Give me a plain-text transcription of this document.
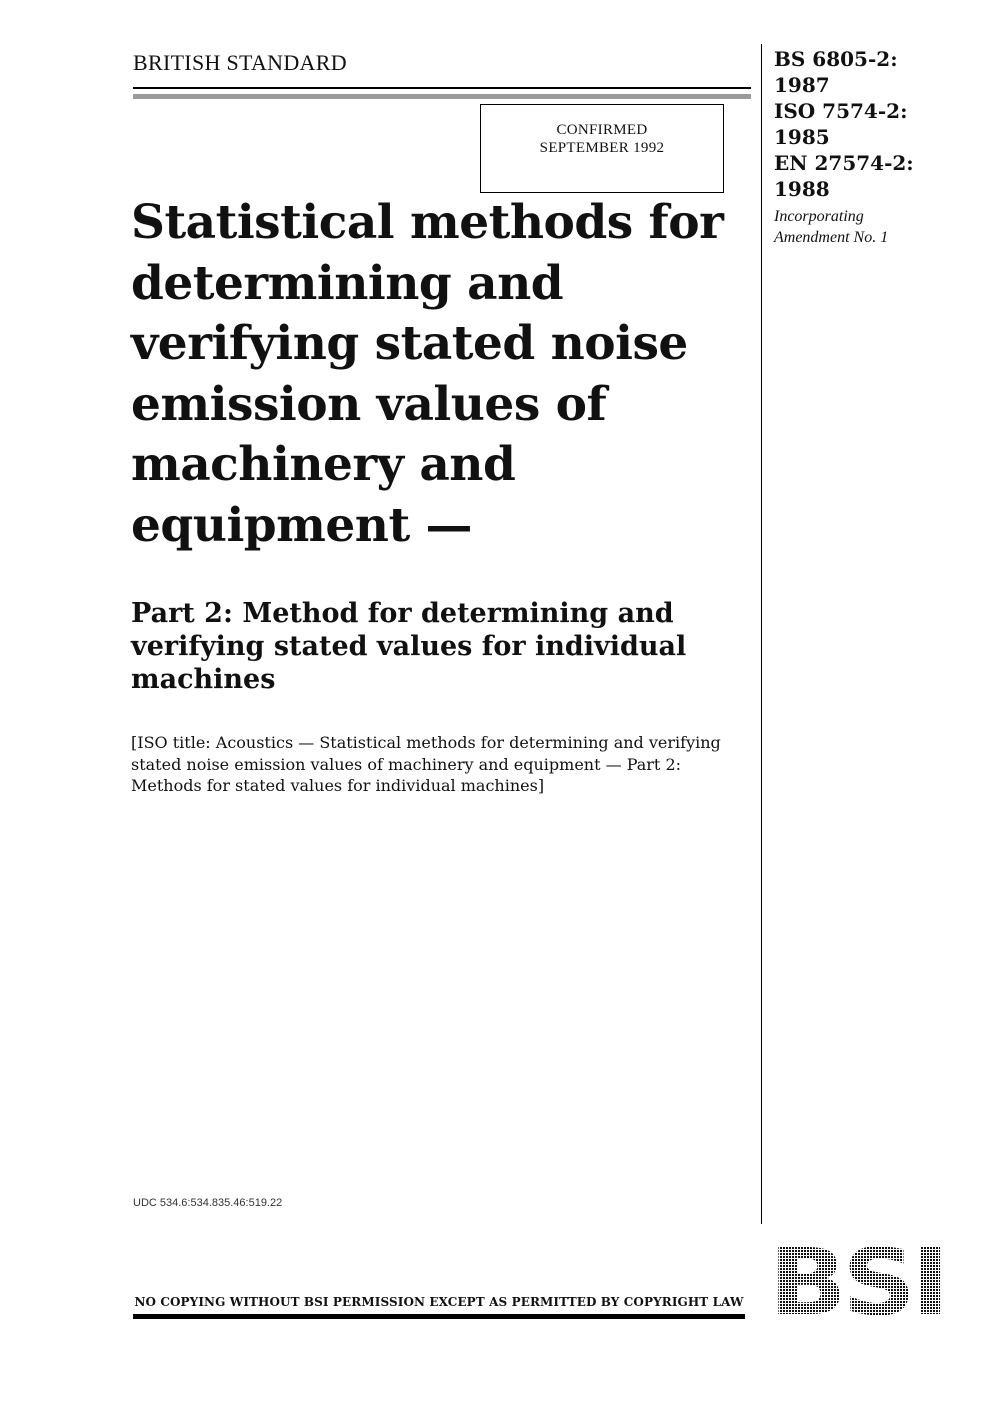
BRITISH STANDARD
CONFIRMED
SEPTEMBER 1992

BS 6805-2:

1987

ISO 7574-2:

1985

EN 27574-2:

1988

Incorporating
Amendment No. 1
Statistical methods for determining and verifying stated noise emission values of machinery and equipment —
Part 2: Method for determining and verifying stated values for individual machines

[ISO title: Acoustics — Statistical methods for determining and verifying stated noise emission values of machinery and equipment — Part 2: Methods for stated values for individual machines]

UDC 534.6:534.835.46:519.22
NO COPYING WITHOUT BSI PERMISSION EXCEPT AS PERMITTED BY COPYRIGHT LAW BSI
